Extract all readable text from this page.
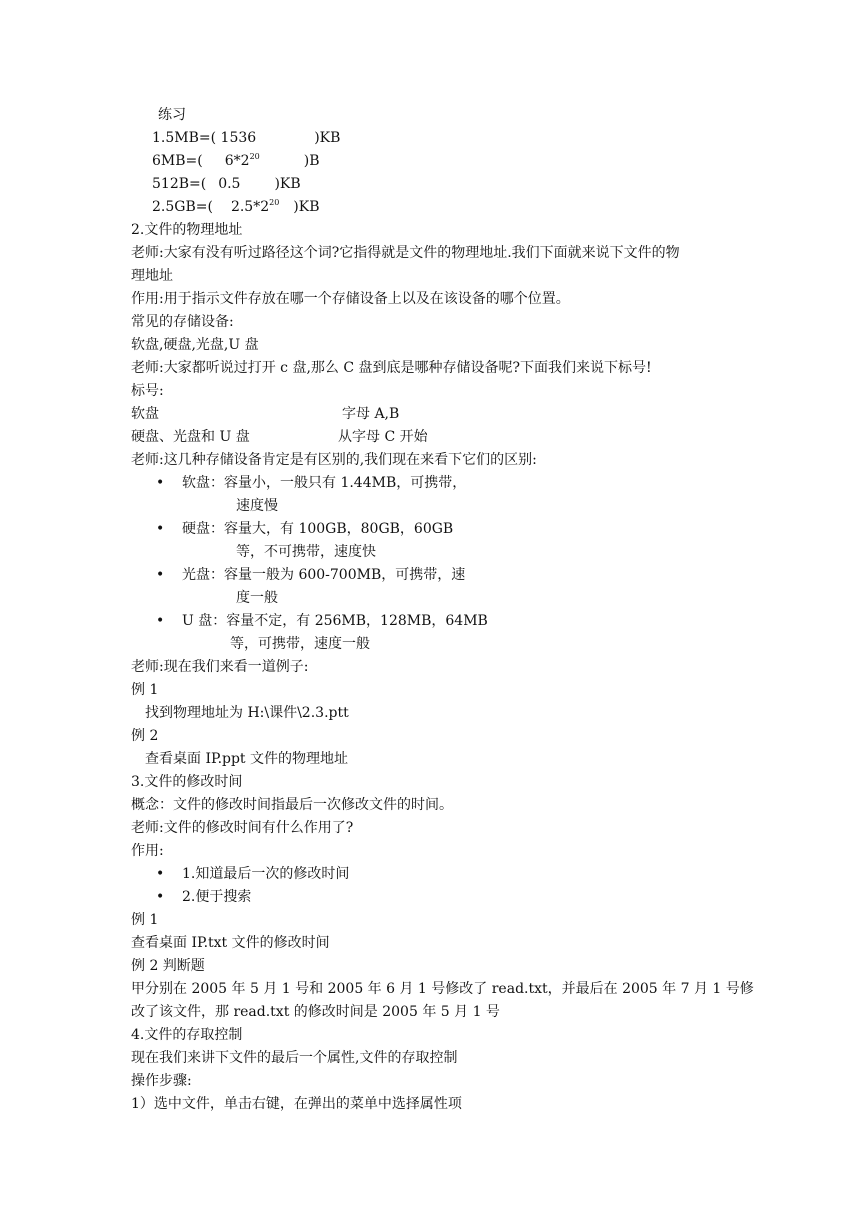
练习
1.5MB=( 1536	)KB
6MB=( $6*2^{20}$	)B
512B=( 0.5 )KB
2.5GB=( $2.5*2^{20}$ )KB
2.文件的物理地址
老师:大家有没有听过路径这个词?它指得就是文件的物理地址.我们下面就来说下文件的物
理地址
作用:用于指示文件存放在哪一个存储设备上以及在该设备的哪个位置。
常见的存储设备:
软盘,硬盘,光盘,U 盘
老师:大家都听说过打开 c 盘,那么 C 盘到底是哪种存储设备呢?下面我们来说下标号!
标号:
软盘	字母 A,B
硬盘、光盘和 U 盘	从字母 C 开始
老师:这几种存储设备肯定是有区别的,我们现在来看下它们的区别:
• 软盘：容量小，一般只有 1.44MB，可携带，
速度慢
• 硬盘：容量大，有 100GB，80GB，60GB
等，不可携带，速度快
• 光盘：容量一般为 600-700MB，可携带，速
度一般
• U 盘：容量不定，有 256MB，128MB，64MB
等，可携带，速度一般
老师:现在我们来看一道例子:
例 1
找到物理地址为 H:\课件\2.3.ptt
例 2
查看桌面 IP.ppt 文件的物理地址
3.文件的修改时间
概念：文件的修改时间指最后一次修改文件的时间。
老师:文件的修改时间有什么作用了?
作用:
• 1.知道最后一次的修改时间
• 2.便于搜索
例 1
查看桌面 IP.txt 文件的修改时间
例 2 判断题
甲分别在 2005 年 5 月 1 号和 2005 年 6 月 1 号修改了 read.txt，并最后在 2005 年 7 月 1 号修
改了该文件，那 read.txt 的修改时间是 2005 年 5 月 1 号
4.文件的存取控制
现在我们来讲下文件的最后一个属性,文件的存取控制
操作步骤:
1）选中文件，单击右键，在弹出的菜单中选择属性项
